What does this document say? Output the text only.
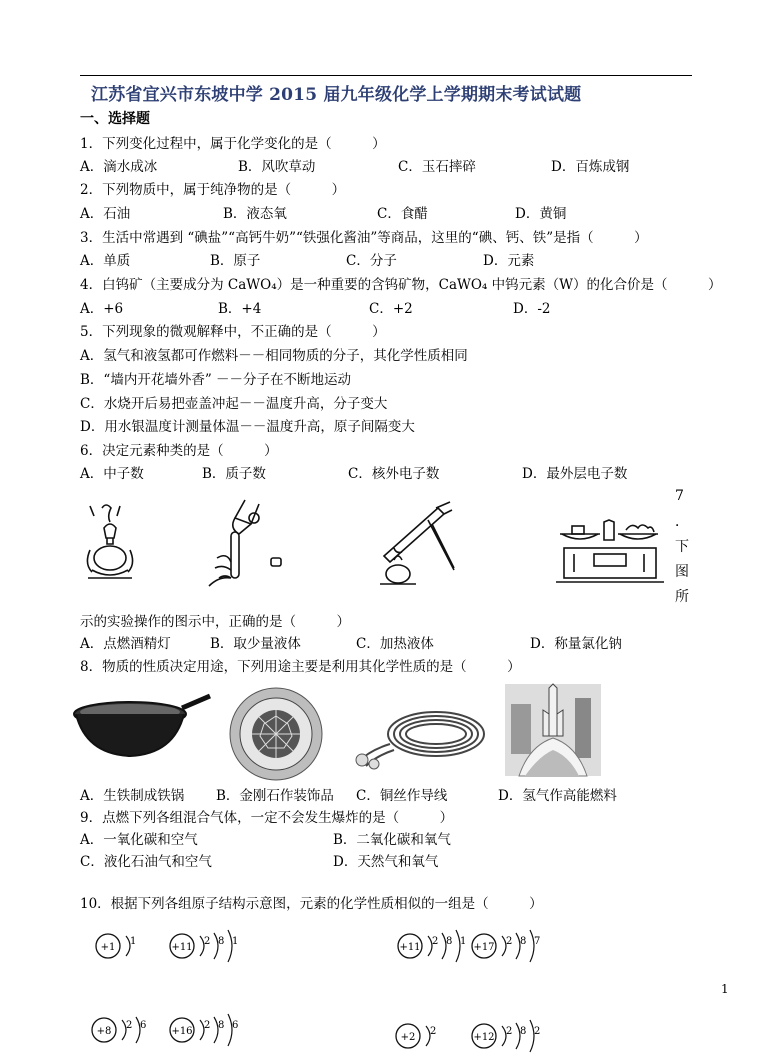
江苏省宜兴市东坡中学 2015 届九年级化学上学期期末考试试题
一、选择题
1．下列变化过程中，属于化学变化的是（　　　）
A．滴水成冰	B．风吹草动	C．玉石摔碎	D．百炼成钢
2．下列物质中，属于纯净物的是（　　　）
A．石油	B．液态氧	C．食醋	D．黄铜
3．生活中常遇到 “碘盐”“高钙牛奶”“铁强化酱油”等商品，这里的“碘、钙、铁”是指（　　　）
A．单质	B．原子	C．分子	D．元素
4．白钨矿（主要成分为 CaWO₄）是一种重要的含钨矿物，CaWO₄ 中钨元素（W）的化合价是（　　　）
A．+6	B．+4	C．+2	D．-2
5．下列现象的微观解释中，不正确的是（　　　）
A．氢气和液氢都可作燃料－－相同物质的分子，其化学性质相同
B．“墙内开花墙外香” －－分子在不断地运动
C．水烧开后易把壶盖冲起－－温度升高，分子变大
D．用水银温度计测量体温－－温度升高，原子间隔变大
6．决定元素种类的是（　　　）
A．中子数	B．质子数	C．核外电子数	D．最外层电子数
7
．
下
图
所
示的实验操作的图示中，正确的是（　　　）
A．点燃酒精灯	B．取少量液体	C．加热液体	D．称量氯化钠
8．物质的性质决定用途，下列用途主要是利用其化学性质的是（　　　）
A．生铁制成铁锅 B．金刚石作装饰品 C．铜丝作导线	D．氢气作高能燃料
9．点燃下列各组混合气体，一定不会发生爆炸的是（　　　）
A．一氧化碳和空气	B．二氧化碳和氧气
C．液化石油气和空气	D．天然气和氧气
10．根据下列各组原子结构示意图，元素的化学性质相似的一组是（　　　）
+1
1
+11
2 8 1
+11
2 8 1
+17
2 8 7
+8
2 6
+16
2 8 6
+2
2
+12
2 8 2
1
